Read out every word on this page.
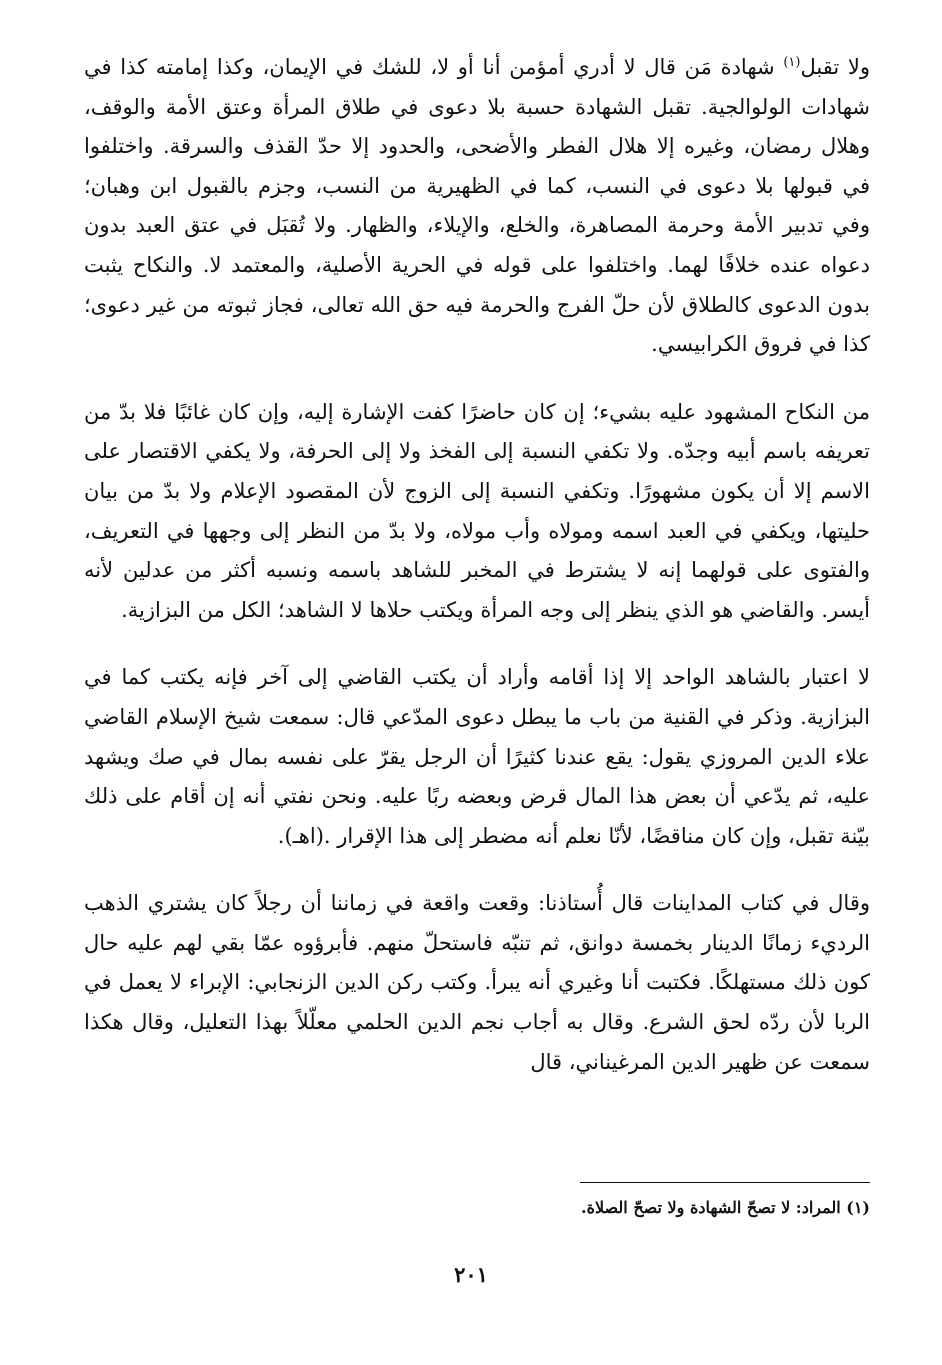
ولا تقبل$^{(١)}$ شهادة مَن قال لا أدري أمؤمن أنا أو لا، للشك في الإيمان، وكذا إمامته كذا في شهادات الولوالجية. تقبل الشهادة حسبة بلا دعوى في طلاق المرأة وعتق الأمة والوقف، وهلال رمضان، وغيره إلا هلال الفطر والأضحى، والحدود إلا حدّ القذف والسرقة. واختلفوا في قبولها بلا دعوى في النسب، كما في الظهيرية من النسب، وجزم بالقبول ابن وهبان؛ وفي تدبير الأمة وحرمة المصاهرة، والخلع، والإيلاء، والظهار. ولا تُقبَل في عتق العبد بدون دعواه عنده خلافًا لهما. واختلفوا على قوله في الحرية الأصلية، والمعتمد لا. والنكاح يثبت بدون الدعوى كالطلاق لأن حلّ الفرج والحرمة فيه حق الله تعالى، فجاز ثبوته من غير دعوى؛ كذا في فروق الكرابيسي.

من النكاح المشهود عليه بشيء؛ إن كان حاضرًا كفت الإشارة إليه، وإن كان غائبًا فلا بدّ من تعريفه باسم أبيه وجدّه. ولا تكفي النسبة إلى الفخذ ولا إلى الحرفة، ولا يكفي الاقتصار على الاسم إلا أن يكون مشهورًا. وتكفي النسبة إلى الزوج لأن المقصود الإعلام ولا بدّ من بيان حليتها، ويكفي في العبد اسمه ومولاه وأب مولاه، ولا بدّ من النظر إلى وجهها في التعريف، والفتوى على قولهما إنه لا يشترط في المخبر للشاهد باسمه ونسبه أكثر من عدلين لأنه أيسر. والقاضي هو الذي ينظر إلى وجه المرأة ويكتب حلاها لا الشاهد؛ الكل من البزازية.

لا اعتبار بالشاهد الواحد إلا إذا أقامه وأراد أن يكتب القاضي إلى آخر فإنه يكتب كما في البزازية. وذكر في القنية من باب ما يبطل دعوى المدّعي قال: سمعت شيخ الإسلام القاضي علاء الدين المروزي يقول: يقع عندنا كثيرًا أن الرجل يقرّ على نفسه بمال في صك ويشهد عليه، ثم يدّعي أن بعض هذا المال قرض وبعضه ربًا عليه. ونحن نفتي أنه إن أقام على ذلك بيّنة تقبل، وإن كان مناقضًا، لأنّا نعلم أنه مضطر إلى هذا الإقرار .(اهـ).

وقال في كتاب المداينات قال أُستاذنا: وقعت واقعة في زماننا أن رجلاً كان يشتري الذهب الرديء زمانًا الدينار بخمسة دوانق، ثم تنبّه فاستحلّ منهم. فأبرؤوه عمّا بقي لهم عليه حال كون ذلك مستهلكًا. فكتبت أنا وغيري أنه يبرأ. وكتب ركن الدين الزنجابي: الإبراء لا يعمل في الربا لأن ردّه لحق الشرع. وقال به أجاب نجم الدين الحلمي معلّلاً بهذا التعليل، وقال هكذا سمعت عن ظهير الدين المرغيناني، قال

(١) المراد: لا تصحّ الشهادة ولا تصحّ الصلاة.
٢٠١
